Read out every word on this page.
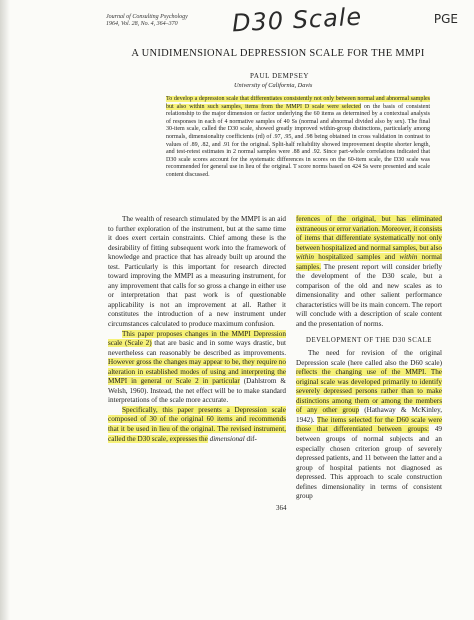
Journal of Consulting Psychology
1964, Vol. 28, No. 4, 364–370	D30 Scale	PGE
A UNIDIMENSIONAL DEPRESSION SCALE FOR THE MMPI
PAUL DEMPSEY
University of California, Davis

To develop a depression scale that differentiates consistently not only between normal and abnormal samples but also within such samples, items from the MMPI D scale were selected on the basis of consistent relationship to the major dimension or factor underlying the 60 items as determined by a contextual analysis of responses in each of 4 normative samples of 40 Ss (normal and abnormal divided also by sex). The final 30-item scale, called the D30 scale, showed greatly improved within-group distinctions, particularly among normals, dimensionality coefficients (rd) of .97, .95, and .98 being obtained in cross validation in contrast to values of .89, .82, and .91 for the original. Split-half reliability showed improvement despite shorter length, and test-retest estimates in 2 normal samples were .88 and .92. Since part-whole correlations indicated that D30 scale scores account for the systematic differences in scores on the 60-item scale, the D30 scale was recommended for general use in lieu of the original. T score norms based on 424 Ss were presented and scale content discussed.

The wealth of research stimulated by the MMPI is an aid to further exploration of the instrument, but at the same time it does exert certain constraints. Chief among these is the desirability of fitting subsequent work into the framework of knowledge and practice that has already built up around the test. Particularly is this important for research directed toward improving the MMPI as a measuring instrument, for any improvement that calls for so gross a change in either use or interpretation that past work is of questionable applicability is not an improvement at all. Rather it constitutes the introduction of a new instrument under circumstances calculated to produce maximum confusion.

This paper proposes changes in the MMPI Depression scale (Scale 2) that are basic and in some ways drastic, but nevertheless can reasonably be described as improvements. However gross the changes may appear to be, they require no alteration in established modes of using and interpreting the MMPI in general or Scale 2 in particular (Dahlstrom & Welsh, 1960). Instead, the net effect will be to make standard interpretations of the scale more accurate.

Specifically, this paper presents a Depression scale composed of 30 of the original 60 items and recommends that it be used in lieu of the original. The revised instrument, called the D30 scale, expresses the dimensional dif-

ferences of the original, but has eliminated extraneous or error variation. Moreover, it consists of items that differentiate systematically not only between hospitalized and normal samples, but also within hospitalized samples and within normal samples. The present report will consider briefly the development of the D30 scale, but a comparison of the old and new scales as to dimensionality and other salient performance characteristics will be its main concern. The report will conclude with a description of scale content and the presentation of norms.

DEVELOPMENT OF THE D30 SCALE

The need for revision of the original Depression scale (here called also the D60 scale) reflects the changing use of the MMPI. The original scale was developed primarily to identify severely depressed persons rather than to make distinctions among them or among the members of any other group (Hathaway & McKinley, 1942). The items selected for the D60 scale were those that differentiated between groups: 49 between groups of normal subjects and an especially chosen criterion group of severely depressed patients, and 11 between the latter and a group of hospital patients not diagnosed as depressed. This approach to scale construction defines dimensionality in terms of consistent group

364
